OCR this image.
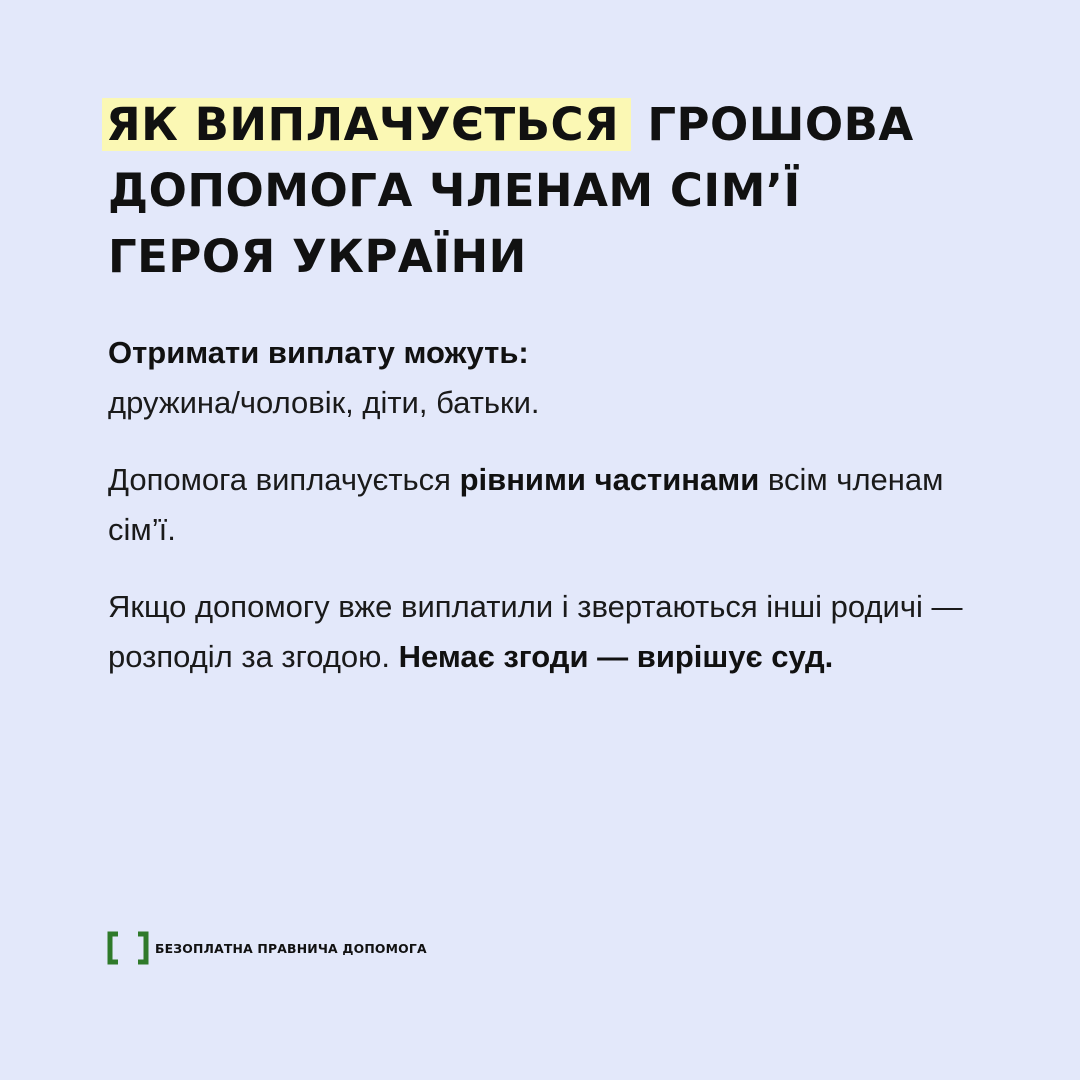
ЯК ВИПЛАЧУЄТЬСЯ ГРОШОВА
ДОПОМОГА ЧЛЕНАМ СІМ’Ї
ГЕРОЯ УКРАЇНИ

Отримати виплату можуть:
дружина/чоловік, діти, батьки.

Допомога виплачується рівними частинами всім членам сім’ї.

Якщо допомогу вже виплатили і звертаються інші родичі — розподіл за згодою. Немає згоди — вирішує суд.

БЕЗОПЛАТНА ПРАВНИЧА ДОПОМОГА
